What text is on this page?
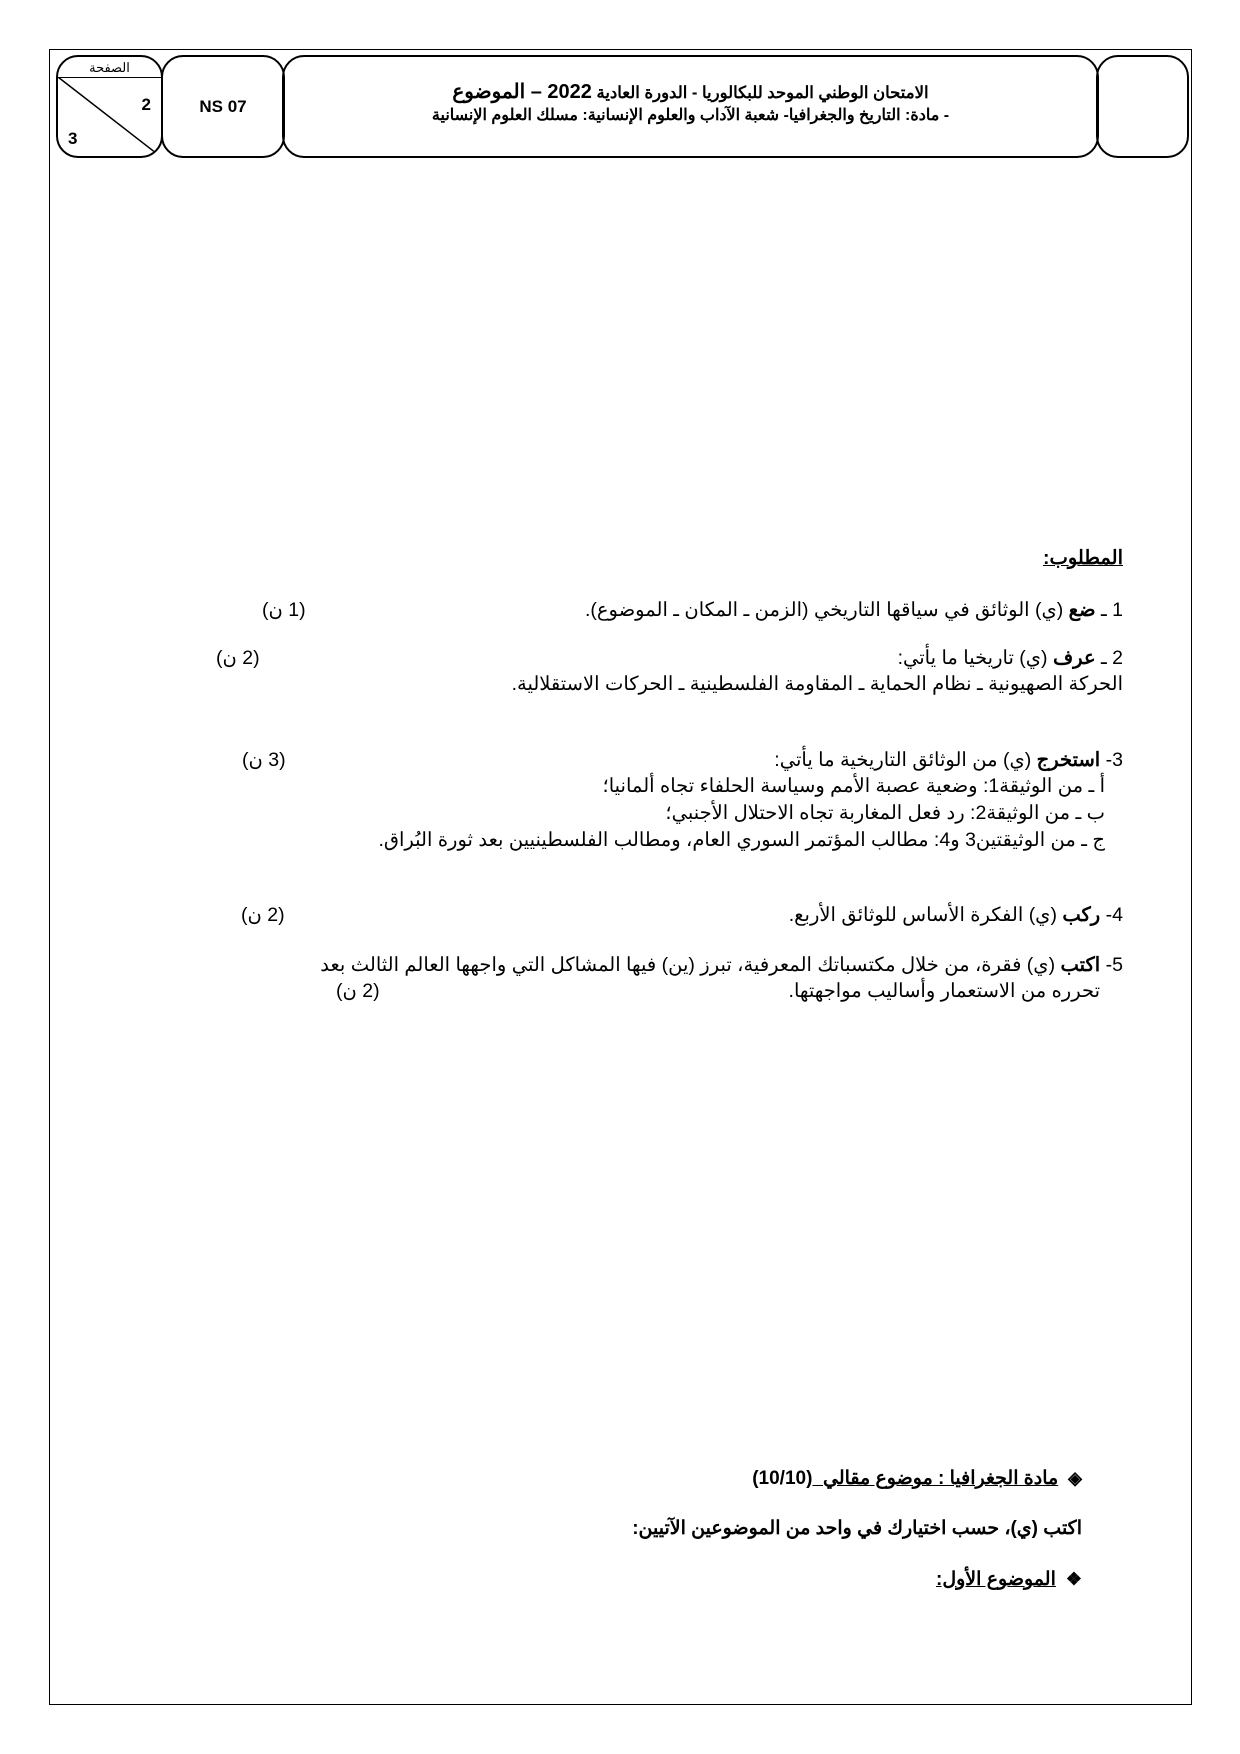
الصفحة
2
3
NS 07
الامتحان الوطني الموحد للبكالوريا - الدورة العادية 2022 – الموضوع
- مادة: التاريخ والجغرافيا- شعبة الآداب والعلوم الإنسانية: مسلك العلوم الإنسانية
المطلوب:
1 ـ ضع (ي) الوثائق في سياقها التاريخي (الزمن ـ المكان ـ الموضوع).
(1 ن)
2 ـ عرف (ي) تاريخيا ما يأتي:
(2 ن)
الحركة الصهيونية ـ نظام الحماية ـ المقاومة الفلسطينية ـ الحركات الاستقلالية.
3- استخرج (ي) من الوثائق التاريخية ما يأتي:
(3 ن)
أ ـ من الوثيقة1: وضعية عصبة الأمم وسياسة الحلفاء تجاه ألمانيا؛
ب ـ من الوثيقة2: رد فعل المغاربة تجاه الاحتلال الأجنبي؛
ج ـ من الوثيقتين3 و4: مطالب المؤتمر السوري العام، ومطالب الفلسطينيين بعد ثورة البُراق.
4- ركب (ي) الفكرة الأساس للوثائق الأربع.
(2 ن)
5- اكتب (ي) فقرة، من خلال مكتسباتك المعرفية، تبرز (ين) فيها المشاكل التي واجهها العالم الثالث بعد
تحرره من الاستعمار وأساليب مواجهتها.
(2 ن)
◈مادة الجغرافيا : موضوع مقالي  (10/10)
اكتب (ي)، حسب اختيارك في واحد من الموضوعين الآتيين:
❖الموضوع الأول:
